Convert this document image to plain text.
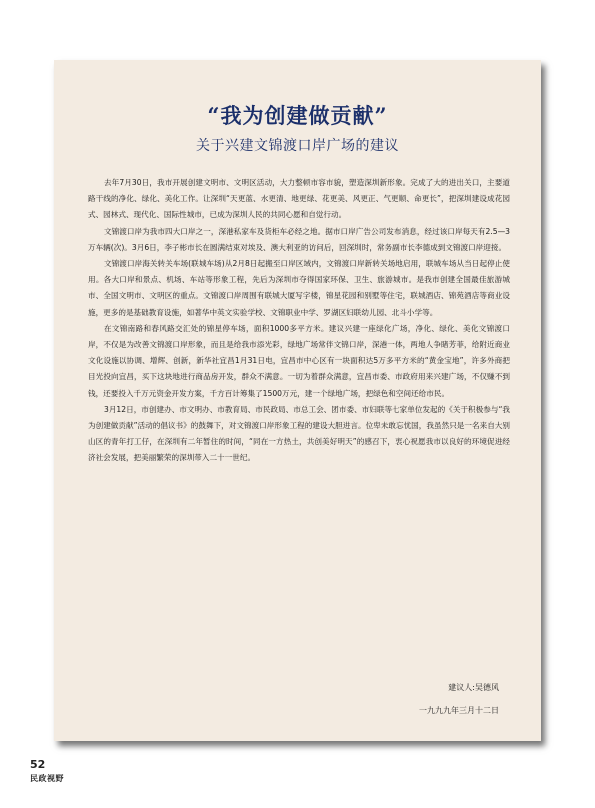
“我为创建做贡献”
关于兴建文锦渡口岸广场的建议

去年7月30日，我市开展创建文明市、文明区活动，大力整顿市容市貌，塑造深圳新形象。完成了大的进出关口，主要道路干线的净化、绿化、美化工作。让深圳“天更蓝、水更清、地更绿、花更美、风更正、气更顺、命更长”，把深圳建设成花园式、园林式、现代化、国际性城市，已成为深圳人民的共同心愿和自觉行动。

文锦渡口岸为我市四大口岸之一，深港私家车及货柜车必经之地。据市口岸广告公司发布消息，经过该口岸每天有2.5—3万车辆(次)。3月6日，李子彬市长在圆满结束对埃及、澳大利亚的访问后，回深圳时，常务副市长李德成到文锦渡口岸迎接。

文锦渡口岸海关转关车场(联城车场)从2月8日起搬至口岸区域内，文锦渡口岸新转关场地启用，联城车场从当日起停止使用。各大口岸和景点、机场、车站等形象工程，先后为深圳市夺得国家环保、卫生、旅游城市。是我市创建全国最佳旅游城市、全国文明市、文明区的重点。文锦渡口岸周围有联城大厦写字楼，锦星花园和别墅等住宅，联城酒店、锦苑酒店等商业设施，更多的是基础教育设施，如著华中英文实验学校、文锦职业中学、罗湖区妇联幼儿园、北斗小学等。

在文锦南路和春风路交汇处的锦星停车场，面积1000多平方米。建议兴建一座绿化广场，净化、绿化、美化文锦渡口岸，不仅是为改善文锦渡口岸形象，而且是给我市添光彩，绿地广场常伴文锦口岸，深港一体，两地人争睹芳菲，给附近商业文化设施以协调、增辉、创新，新华社宜昌1月31日电，宜昌市中心区有一块面积达5万多平方米的“黄金宝地”，许多外商把目光投向宜昌，买下这块地进行商品房开发，群众不满意。一切为着群众满意，宜昌市委、市政府用来兴建广场，不仅赚不到钱，还要投入千万元资金开发方案，千方百计筹集了1500万元，建一个绿地广场，把绿色和空间还给市民。

3月12日，市创建办、市文明办、市教育局、市民政局、市总工会、团市委、市妇联等七家单位发起的《关于积极参与“我为创建做贡献”活动的倡议书》的鼓舞下，对文锦渡口岸形象工程的建设大胆进言。位卑未敢忘忧国，我虽然只是一名来自大别山区的青年打工仔，在深圳有二年暂住的时间，“同在一方热土，共创美好明天”的感召下，衷心祝愿我市以良好的环境促进经济社会发展，把美丽繁荣的深圳带入二十一世纪。

建议人:吴德风
一九九九年三月十二日
52
民政视野
